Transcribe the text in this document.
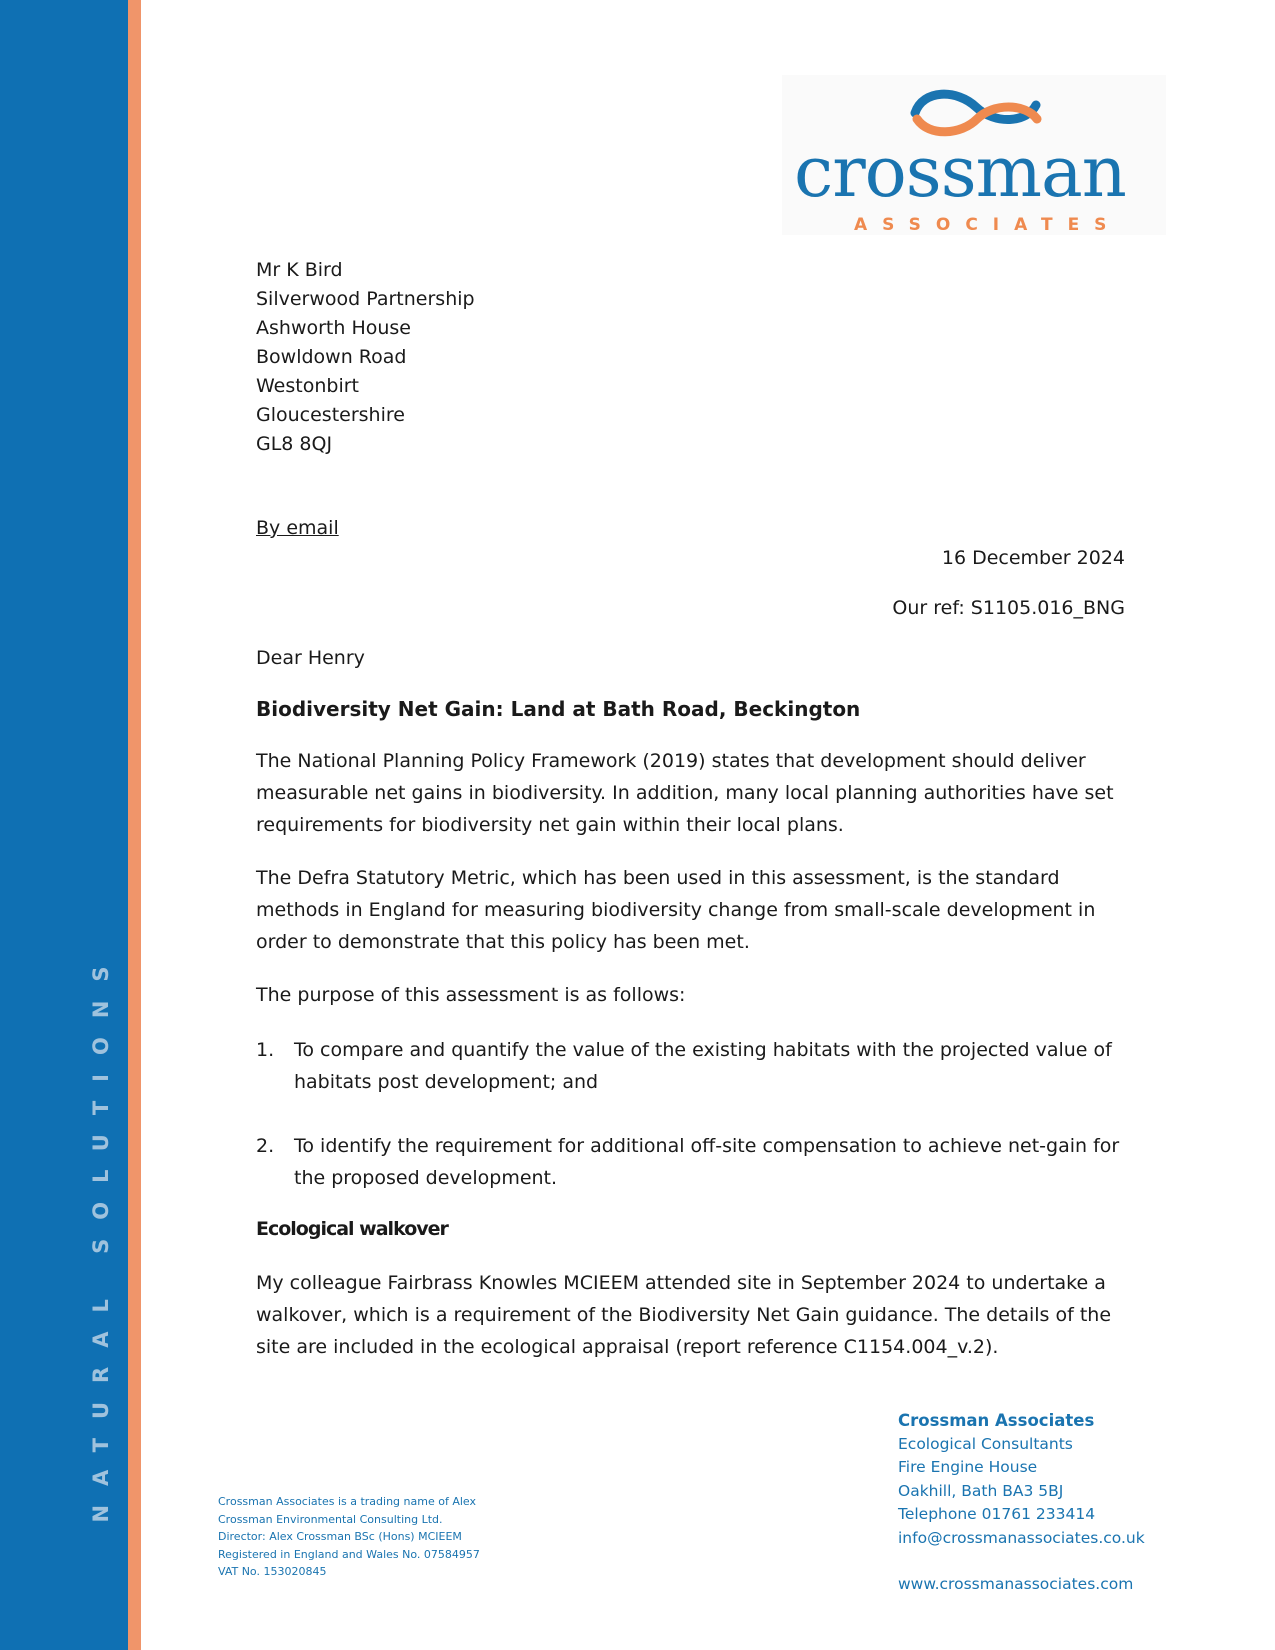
NATURAL SOLUTIONS
crossman
ASSOCIATES
Mr K Bird
Silverwood Partnership
Ashworth House
Bowldown Road
Westonbirt
Gloucestershire
GL8 8QJ
By email
16 December 2024
Our ref: S1105.016_BNG
Dear Henry
Biodiversity Net Gain: Land at Bath Road, Beckington

The National Planning Policy Framework (2019) states that development should deliver measurable net gains in biodiversity. In addition, many local planning authorities have set requirements for biodiversity net gain within their local plans.

The Defra Statutory Metric, which has been used in this assessment, is the standard methods in England for measuring biodiversity change from small-scale development in order to demonstrate that this policy has been met.

The purpose of this assessment is as follows:

1. To compare and quantify the value of the existing habitats with the projected value of habitats post development; and
2. To identify the requirement for additional off-site compensation to achieve net-gain for the proposed development.
Ecological walkover

My colleague Fairbrass Knowles MCIEEM attended site in September 2024 to undertake a walkover, which is a requirement of the Biodiversity Net Gain guidance. The details of the site are included in the ecological appraisal (report reference C1154.004_v.2).

Crossman Associates is a trading name of Alex
Crossman Environmental Consulting Ltd.
Director: Alex Crossman BSc (Hons) MCIEEM
Registered in England and Wales No. 07584957
VAT No. 153020845
Crossman Associates
Ecological Consultants
Fire Engine House
Oakhill, Bath BA3 5BJ
Telephone 01761 233414
info@crossmanassociates.co.uk
www.crossmanassociates.com
